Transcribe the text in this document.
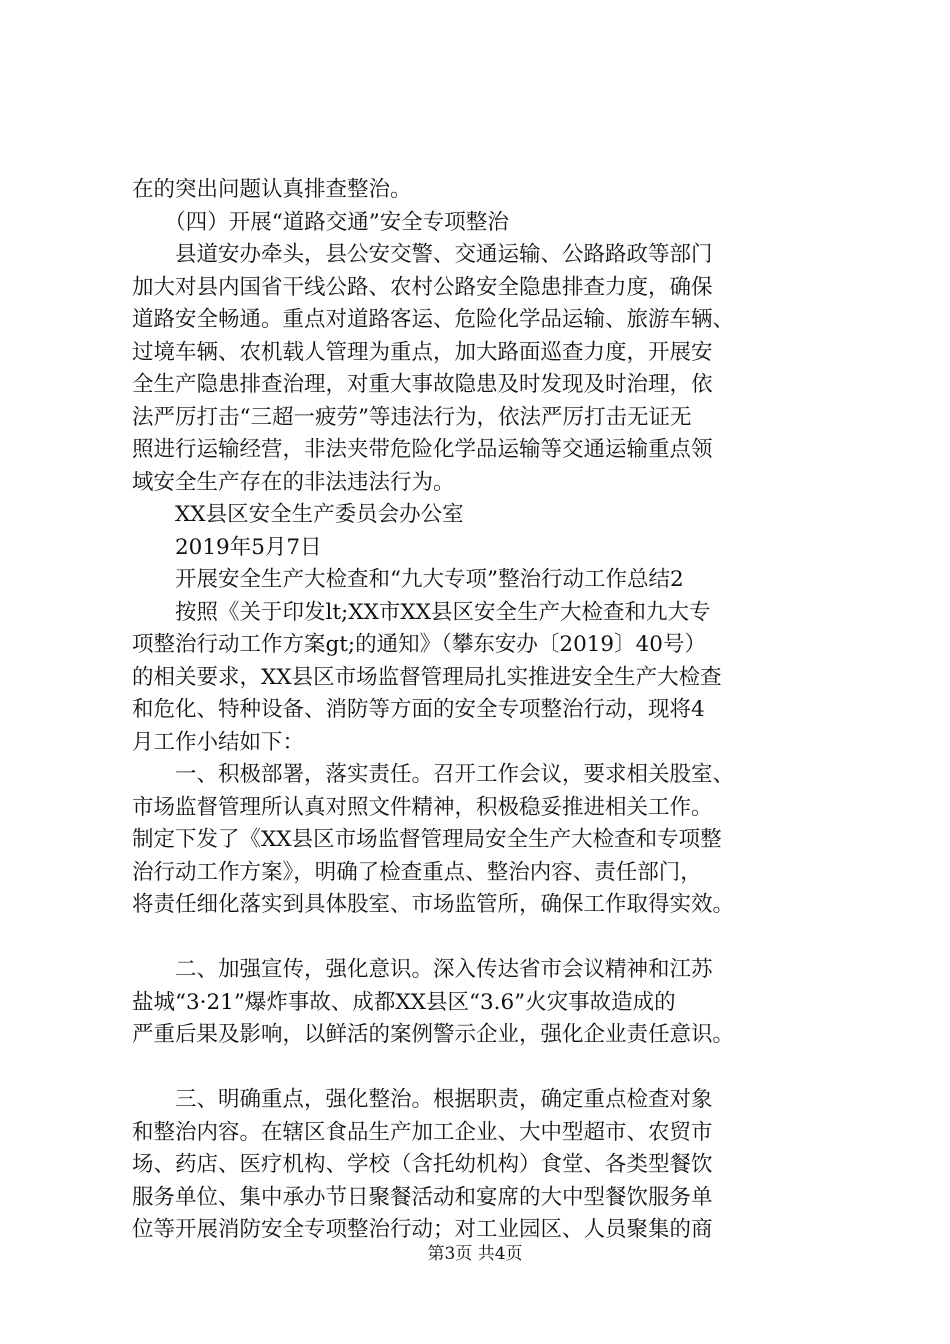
在的突出问题认真排查整治。
　　（四）开展“道路交通”安全专项整治
　　县道安办牵头，县公安交警、交通运输、公路路政等部门
加大对县内国省干线公路、农村公路安全隐患排查力度，确保
道路安全畅通。重点对道路客运、危险化学品运输、旅游车辆、
过境车辆、农机载人管理为重点，加大路面巡查力度，开展安
全生产隐患排查治理，对重大事故隐患及时发现及时治理，依
法严厉打击“三超一疲劳”等违法行为，依法严厉打击无证无
照进行运输经营，非法夹带危险化学品运输等交通运输重点领
域安全生产存在的非法违法行为。
　　XX县区安全生产委员会办公室
　　2019年5月7日
　　开展安全生产大检查和“九大专项”整治行动工作总结2
　　按照《关于印发lt;XX市XX县区安全生产大检查和九大专
项整治行动工作方案gt;的通知》（攀东安办〔2019〕40号）
的相关要求，XX县区市场监督管理局扎实推进安全生产大检查
和危化、特种设备、消防等方面的安全专项整治行动，现将4
月工作小结如下：
　　一、积极部署，落实责任。召开工作会议，要求相关股室、
市场监督管理所认真对照文件精神，积极稳妥推进相关工作。
制定下发了《XX县区市场监督管理局安全生产大检查和专项整
治行动工作方案》，明确了检查重点、整治内容、责任部门，
将责任细化落实到具体股室、市场监管所，确保工作取得实效。
　　二、加强宣传，强化意识。深入传达省市会议精神和江苏
盐城“3·21”爆炸事故、成都XX县区“3.6”火灾事故造成的
严重后果及影响，以鲜活的案例警示企业，强化企业责任意识。
　　三、明确重点，强化整治。根据职责，确定重点检查对象
和整治内容。在辖区食品生产加工企业、大中型超市、农贸市
场、药店、医疗机构、学校（含托幼机构）食堂、各类型餐饮
服务单位、集中承办节日聚餐活动和宴席的大中型餐饮服务单
位等开展消防安全专项整治行动；对工业园区、人员聚集的商
第3页 共4页
